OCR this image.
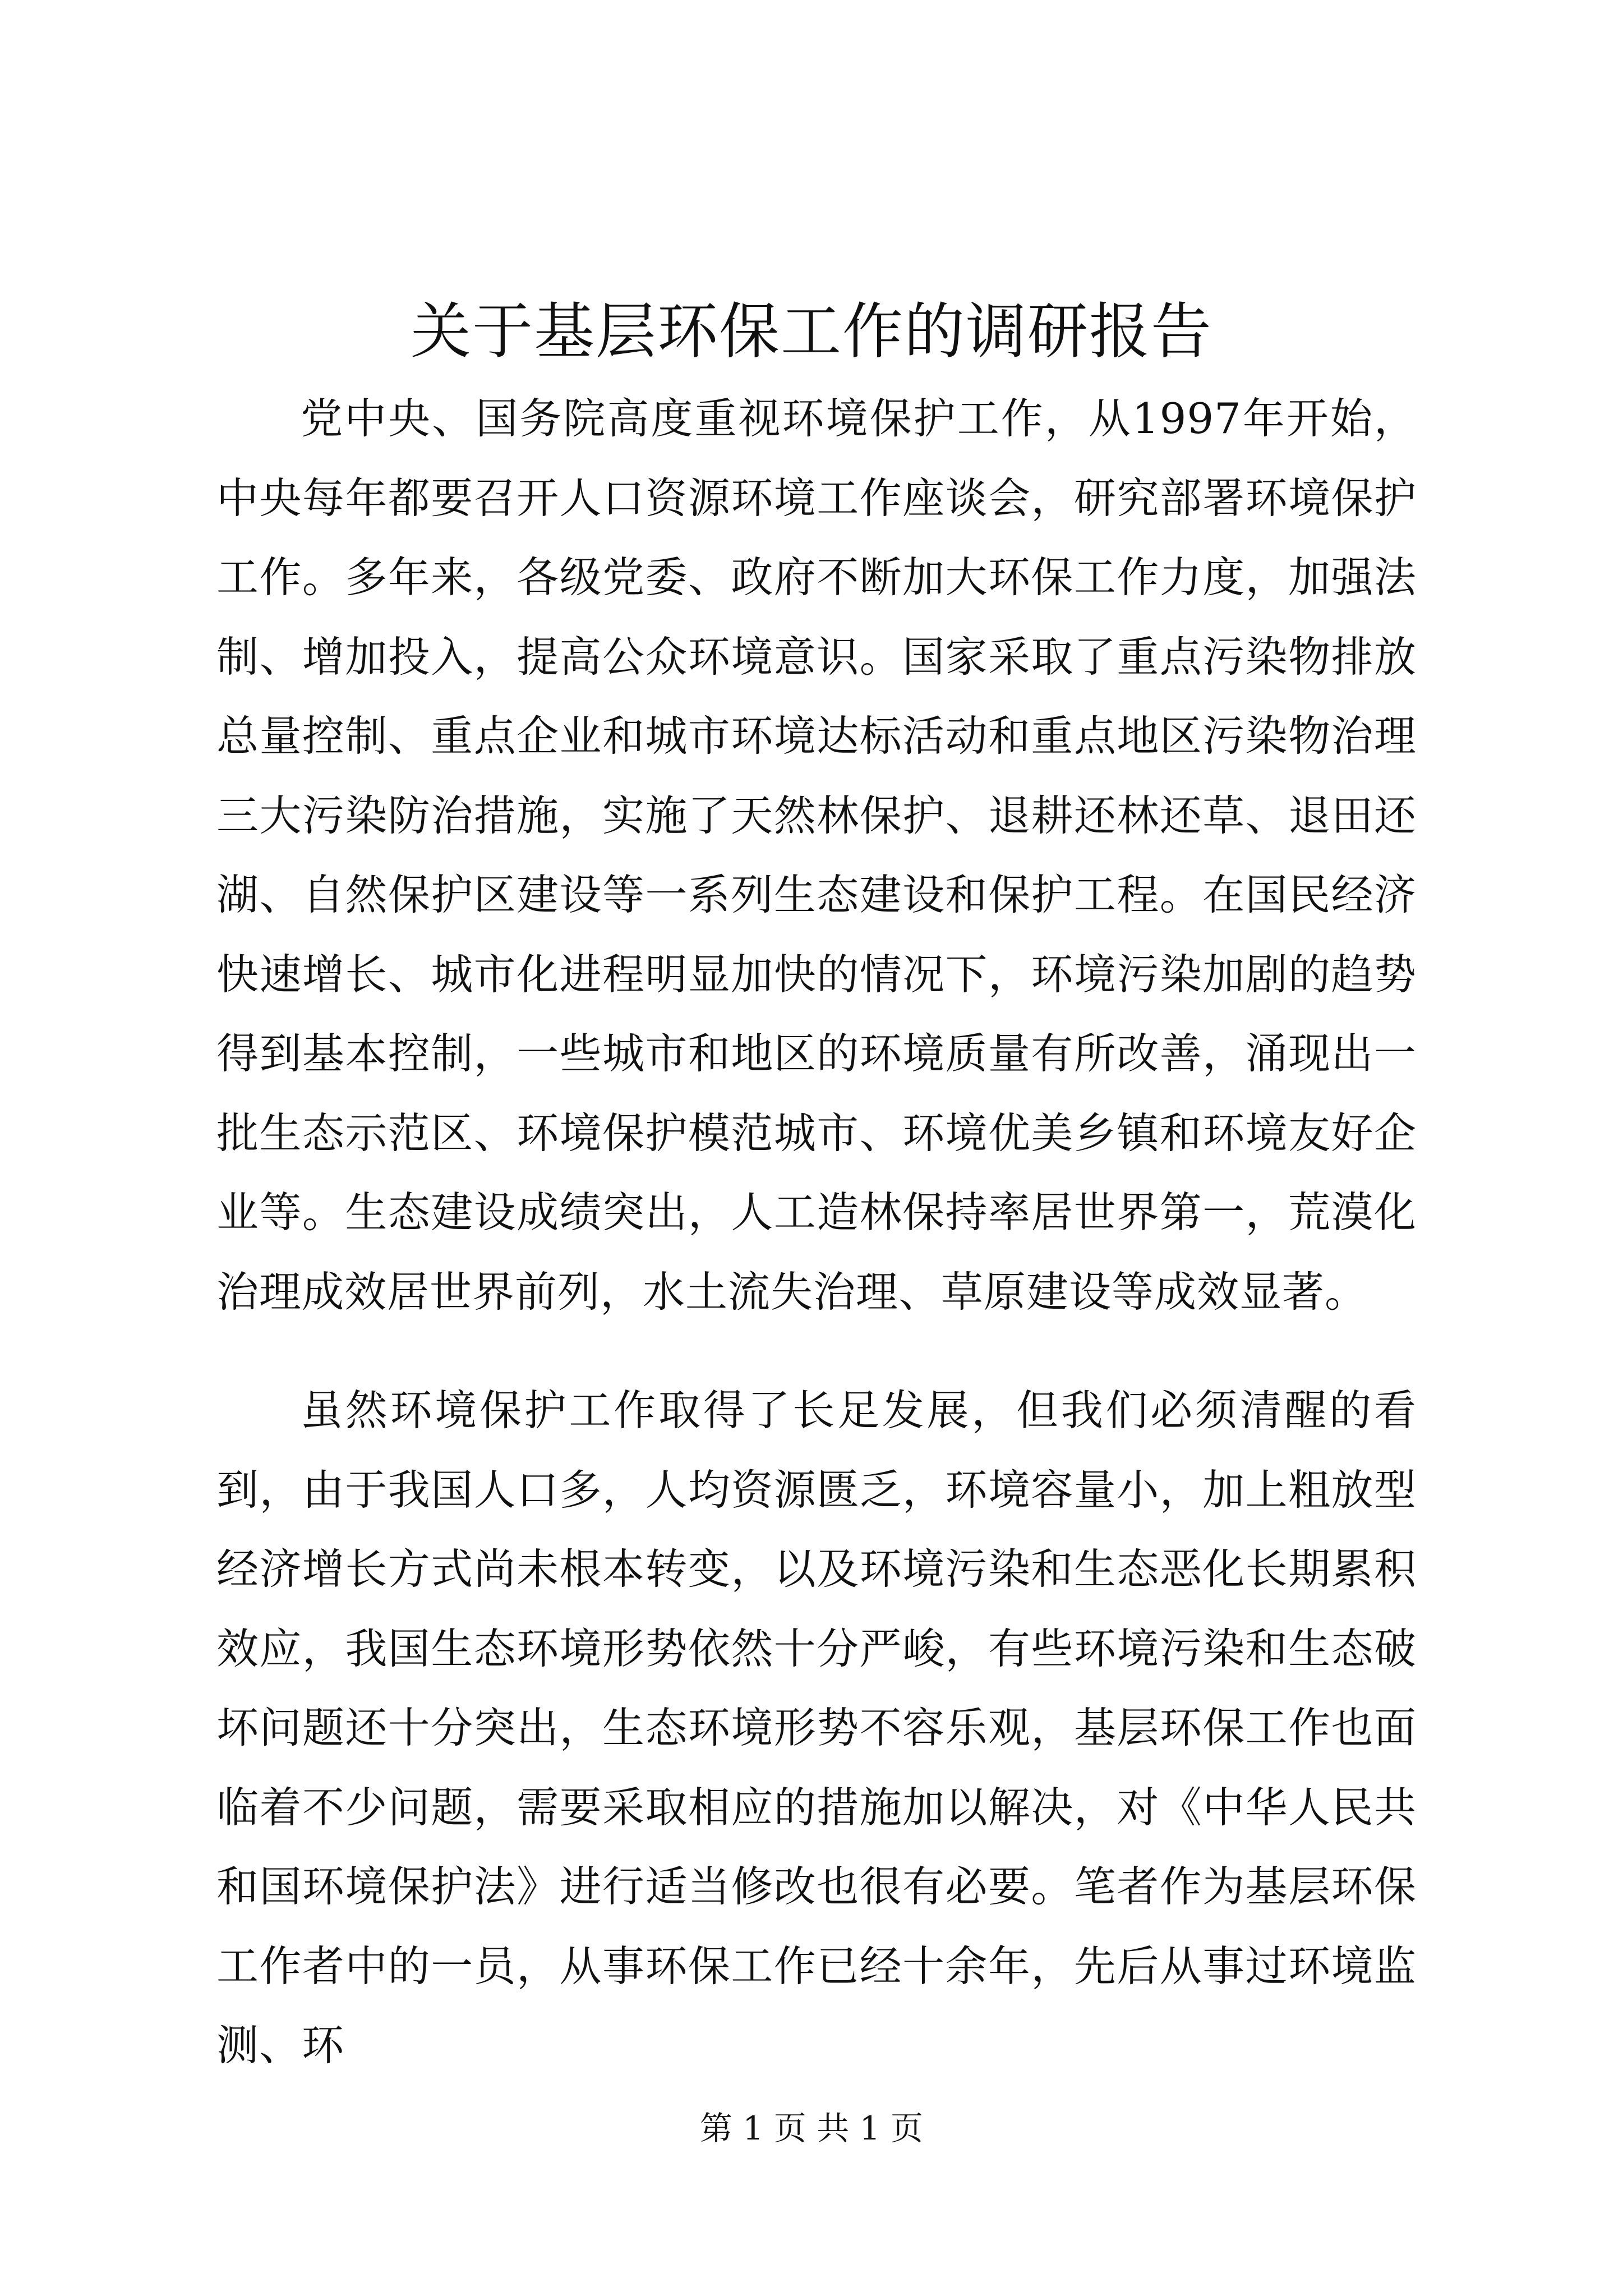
关于基层环保工作的调研报告

党中央、国务院高度重视环境保护工作，从1997年开始，中央每年都要召开人口资源环境工作座谈会，研究部署环境保护工作。多年来，各级党委、政府不断加大环保工作力度，加强法制、增加投入，提高公众环境意识。国家采取了重点污染物排放总量控制、重点企业和城市环境达标活动和重点地区污染物治理三大污染防治措施，实施了天然林保护、退耕还林还草、退田还湖、自然保护区建设等一系列生态建设和保护工程。在国民经济快速增长、城市化进程明显加快的情况下，环境污染加剧的趋势得到基本控制，一些城市和地区的环境质量有所改善，涌现出一批生态示范区、环境保护模范城市、环境优美乡镇和环境友好企业等。生态建设成绩突出，人工造林保持率居世界第一，荒漠化治理成效居世界前列，水土流失治理、草原建设等成效显著。

虽然环境保护工作取得了长足发展，但我们必须清醒的看到，由于我国人口多，人均资源匮乏，环境容量小，加上粗放型经济增长方式尚未根本转变，以及环境污染和生态恶化长期累积效应，我国生态环境形势依然十分严峻，有些环境污染和生态破坏问题还十分突出，生态环境形势不容乐观，基层环保工作也面临着不少问题，需要采取相应的措施加以解决，对《中华人民共和国环境保护法》进行适当修改也很有必要。笔者作为基层环保工作者中的一员，从事环保工作已经十余年，先后从事过环境监测、环

第 1 页 共 1 页
